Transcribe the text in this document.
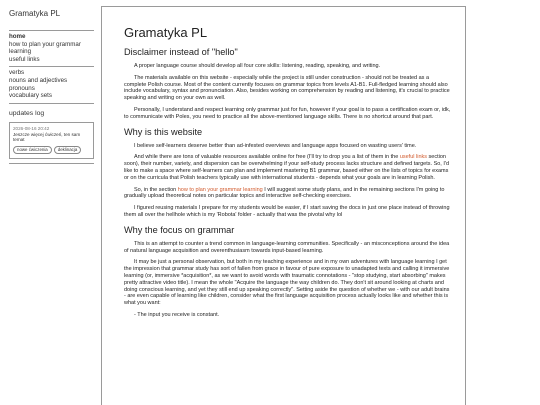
Gramatyka PL
home
how to plan your grammar learning
useful links
verbs
nouns and adjectives
pronouns
vocabulary sets
updates log
2026-08-16 20:42
Jeszcze więcej ćwiczeń, ten sam temat
nowe ćwiczenia	deklinacja
Gramatyka PL
Disclaimer instead of "hello"

A proper language course should develop all four core skills: listening, reading, speaking, and writing.

The materials available on this website - especially while the project is still under construction - should not be treated as a complete Polish course. Most of the content currently focuses on grammar topics from levels A1-B1. Full-fledged learning should also include vocabulary, syntax and pronunciation. Also, besides working on comprehension by reading and listening, it's crucial to practice speaking and writing on your own as well.

Personally, I understand and respect learning only grammar just for fun, however if your goal is to pass a certification exam or, idk, to communicate with Poles, you need to practice all the above-mentioned language skills. There is no shortcut around that part.

Why is this website

I believe self-learners deserve better than ad-infested overviews and language apps focused on wasting users' time.

And while there are tons of valuable resources available online for free (I'll try to drop you a list of them in the useful links section soon), their number, variety, and dispersion can be overwhelming if your self-study process lacks structure and defined targets. So, I'd like to make a space where self-learners can plan and implement mastering B1 grammar, based either on the lists of topics for exams or on the curricula that Polish teachers typically use with international students - depends what your goals are in learning Polish.

So, in the section how to plan your grammar learning I will suggest some study plans, and in the remaining sections I'm going to gradually upload theoretical notes on particular topics and interactive self-checking exercises.

I figured reusing materials I prepare for my students would be easier, if I start saving the docs in just one place instead of throwing them all over the hellhole which is my 'Robota' folder - actually that was the pivotal why lol

Why the focus on grammar

This is an attempt to counter a trend common in language-learning communities. Specifically - an misconceptions around the idea of natural language acquisition and overenthusiasm towards input-based learning.

It may be just a personal observation, but both in my teaching experience and in my own adventures with language learning I get the impression that grammar study has sort of fallen from grace in favour of pure exposure to unadapted texts and calling it immersive learning (or, immersive *acquisition*, as we want to avoid words with traumatic connotations - "stop studying, start absorbing" makes pretty attractive video title). I mean the whole "Acquire the language the way children do. They don't sit around looking at charts and doing conscious learning, and yet they still end up speaking correctly". Setting aside the question of whether we - with our adult brains - are even capable of learning like children, consider what the first language acquisition process actually looks like and whether this is what you want:

- The input you receive is constant.
